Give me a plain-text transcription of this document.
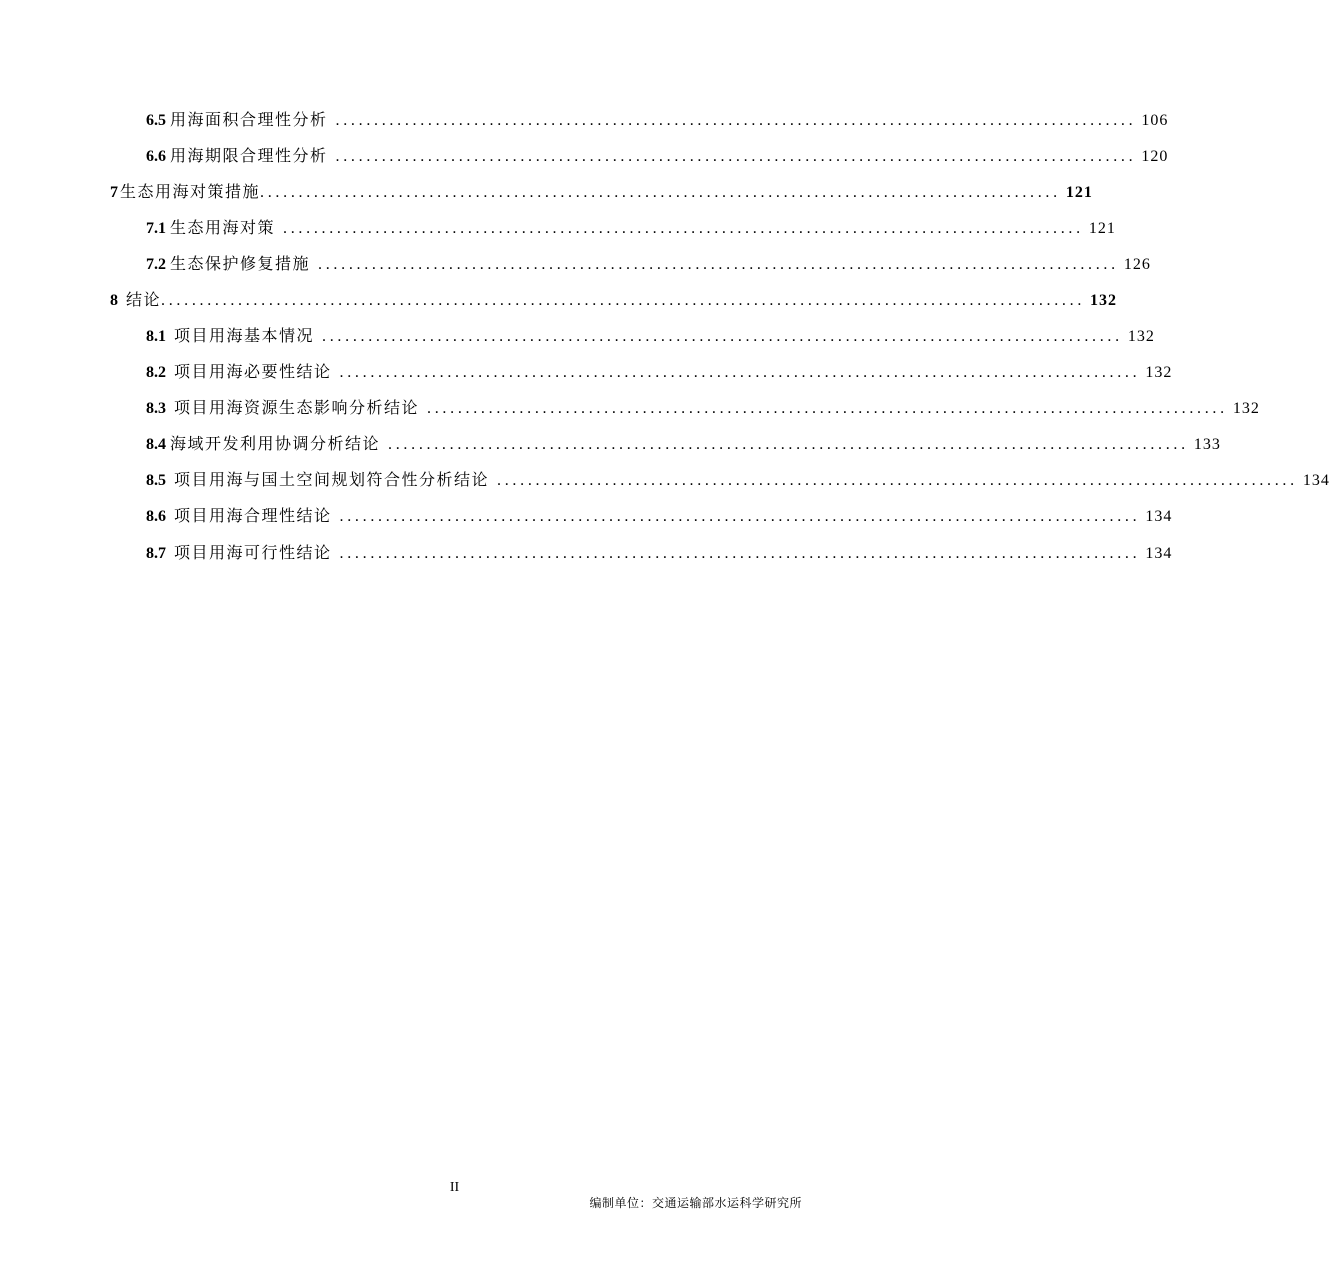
6.5 用海面积合理性分析 ........................................................................................................ 106
6.6 用海期限合理性分析 ........................................................................................................ 120
7 生态用海对策措施 ........................................................................................................ 121
7.1 生态用海对策 ........................................................................................................ 121
7.2 生态保护修复措施 ........................................................................................................ 126
8 结论 ........................................................................................................................ 132
8.1 项目用海基本情况 ........................................................................................................ 132
8.2 项目用海必要性结论 ........................................................................................................ 132
8.3 项目用海资源生态影响分析结论 ........................................................................................................ 132
8.4 海域开发利用协调分析结论 ........................................................................................................ 133
8.5 项目用海与国土空间规划符合性分析结论 ........................................................................................................ 134
8.6 项目用海合理性结论 ........................................................................................................ 134
8.7 项目用海可行性结论 ........................................................................................................ 134
II
编制单位：交通运输部水运科学研究所
